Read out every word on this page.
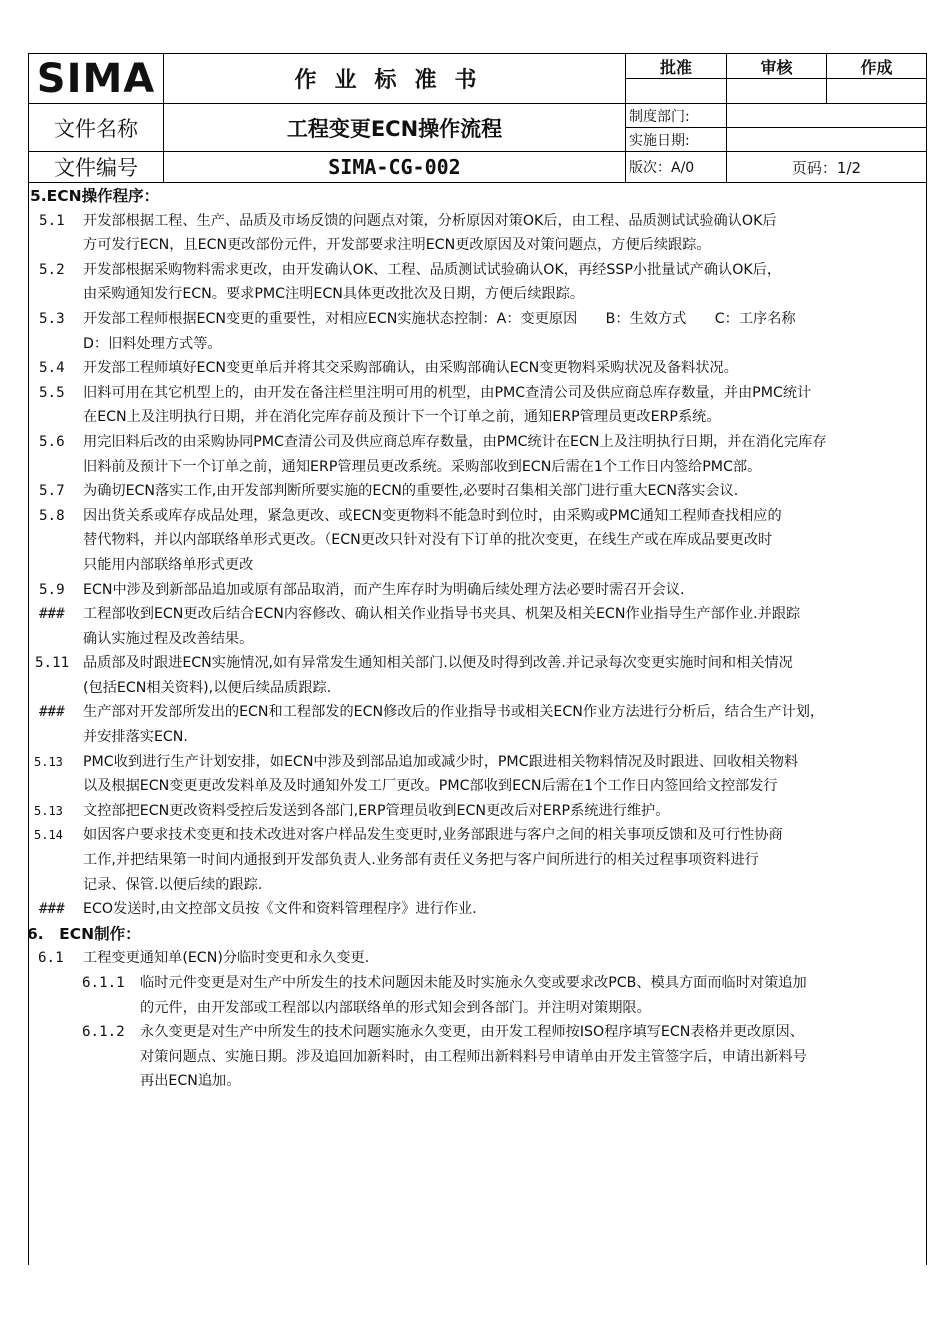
SIMA	作业标准书	批准	审核	作成

文件名称	工程变更ECN操作流程	制度部门:		
		实施日期:		
文件编号	SIMA-CG-002	版次：A/0	页码：1/2	
5.ECN操作程序：
5.1	开发部根据工程、生产、品质及市场反馈的问题点对策，分析原因对策OK后，由工程、品质测试试验确认OK后
方可发行ECN，且ECN更改部份元件，开发部要求注明ECN更改原因及对策问题点，方便后续跟踪。
5.2	开发部根据采购物料需求更改，由开发确认OK、工程、品质测试试验确认OK，再经SSP小批量试产确认OK后，
由采购通知发行ECN。要求PMC注明ECN具体更改批次及日期，方便后续跟踪。
5.3	开发部工程师根据ECN变更的重要性，对相应ECN实施状态控制：A：变更原因　　B：生效方式　　C：工序名称
D：旧料处理方式等。
5.4	开发部工程师填好ECN变更单后并将其交采购部确认，由采购部确认ECN变更物料采购状况及备料状况。
5.5	旧料可用在其它机型上的，由开发在备注栏里注明可用的机型，由PMC查清公司及供应商总库存数量，并由PMC统计
在ECN上及注明执行日期，并在消化完库存前及预计下一个订单之前，通知ERP管理员更改ERP系统。
5.6	用完旧料后改的由采购协同PMC查清公司及供应商总库存数量，由PMC统计在ECN上及注明执行日期，并在消化完库存
旧料前及预计下一个订单之前，通知ERP管理员更改系统。采购部收到ECN后需在1个工作日内签给PMC部。
5.7	为确切ECN落实工作,由开发部判断所要实施的ECN的重要性,必要时召集相关部门进行重大ECN落实会议.
5.8	因出货关系或库存成品处理，紧急更改、或ECN变更物料不能急时到位时，由采购或PMC通知工程师查找相应的
替代物料，并以内部联络单形式更改。（ECN更改只针对没有下订单的批次变更，在线生产或在库成品要更改时
只能用内部联络单形式更改
5.9	ECN中涉及到新部品追加或原有部品取消，而产生库存时为明确后续处理方法必要时需召开会议.
###	工程部收到ECN更改后结合ECN内容修改、确认相关作业指导书夹具、机架及相关ECN作业指导生产部作业.并跟踪
确认实施过程及改善结果。
5.11 品质部及时跟进ECN实施情况,如有异常发生通知相关部门.以便及时得到改善.并记录每次变更实施时间和相关情况
(包括ECN相关资料),以便后续品质跟踪.
###	生产部对开发部所发出的ECN和工程部发的ECN修改后的作业指导书或相关ECN作业方法进行分析后，结合生产计划，
并安排落实ECN.
5.13	PMC收到进行生产计划安排，如ECN中涉及到部品追加或减少时，PMC跟进相关物料情况及时跟进、回收相关物料
以及根据ECN变更更改发料单及及时通知外发工厂更改。PMC部收到ECN后需在1个工作日内签回给文控部发行
5.13	文控部把ECN更改资料受控后发送到各部门,ERP管理员收到ECN更改后对ERP系统进行维护。
5.14	如因客户要求技术变更和技术改进对客户样品发生变更时,业务部跟进与客户之间的相关事项反馈和及可行性协商
工作,并把结果第一时间内通报到开发部负责人.业务部有责任义务把与客户间所进行的相关过程事项资料进行
记录、保管.以便后续的跟踪.
###	ECO发送时,由文控部文员按《文件和资料管理程序》进行作业.
6.　ECN制作：
6.1	工程变更通知单(ECN)分临时变更和永久变更.
6.1.1 临时元件变更是对生产中所发生的技术问题因未能及时实施永久变或要求改PCB、模具方面而临时对策追加
的元件，由开发部或工程部以内部联络单的形式知会到各部门。并注明对策期限。
6.1.2 永久变更是对生产中所发生的技术问题实施永久变更，由开发工程师按ISO程序填写ECN表格并更改原因、
对策问题点、实施日期。涉及追回加新料时，由工程师出新料料号申请单由开发主管签字后，申请出新料号
再出ECN追加。
